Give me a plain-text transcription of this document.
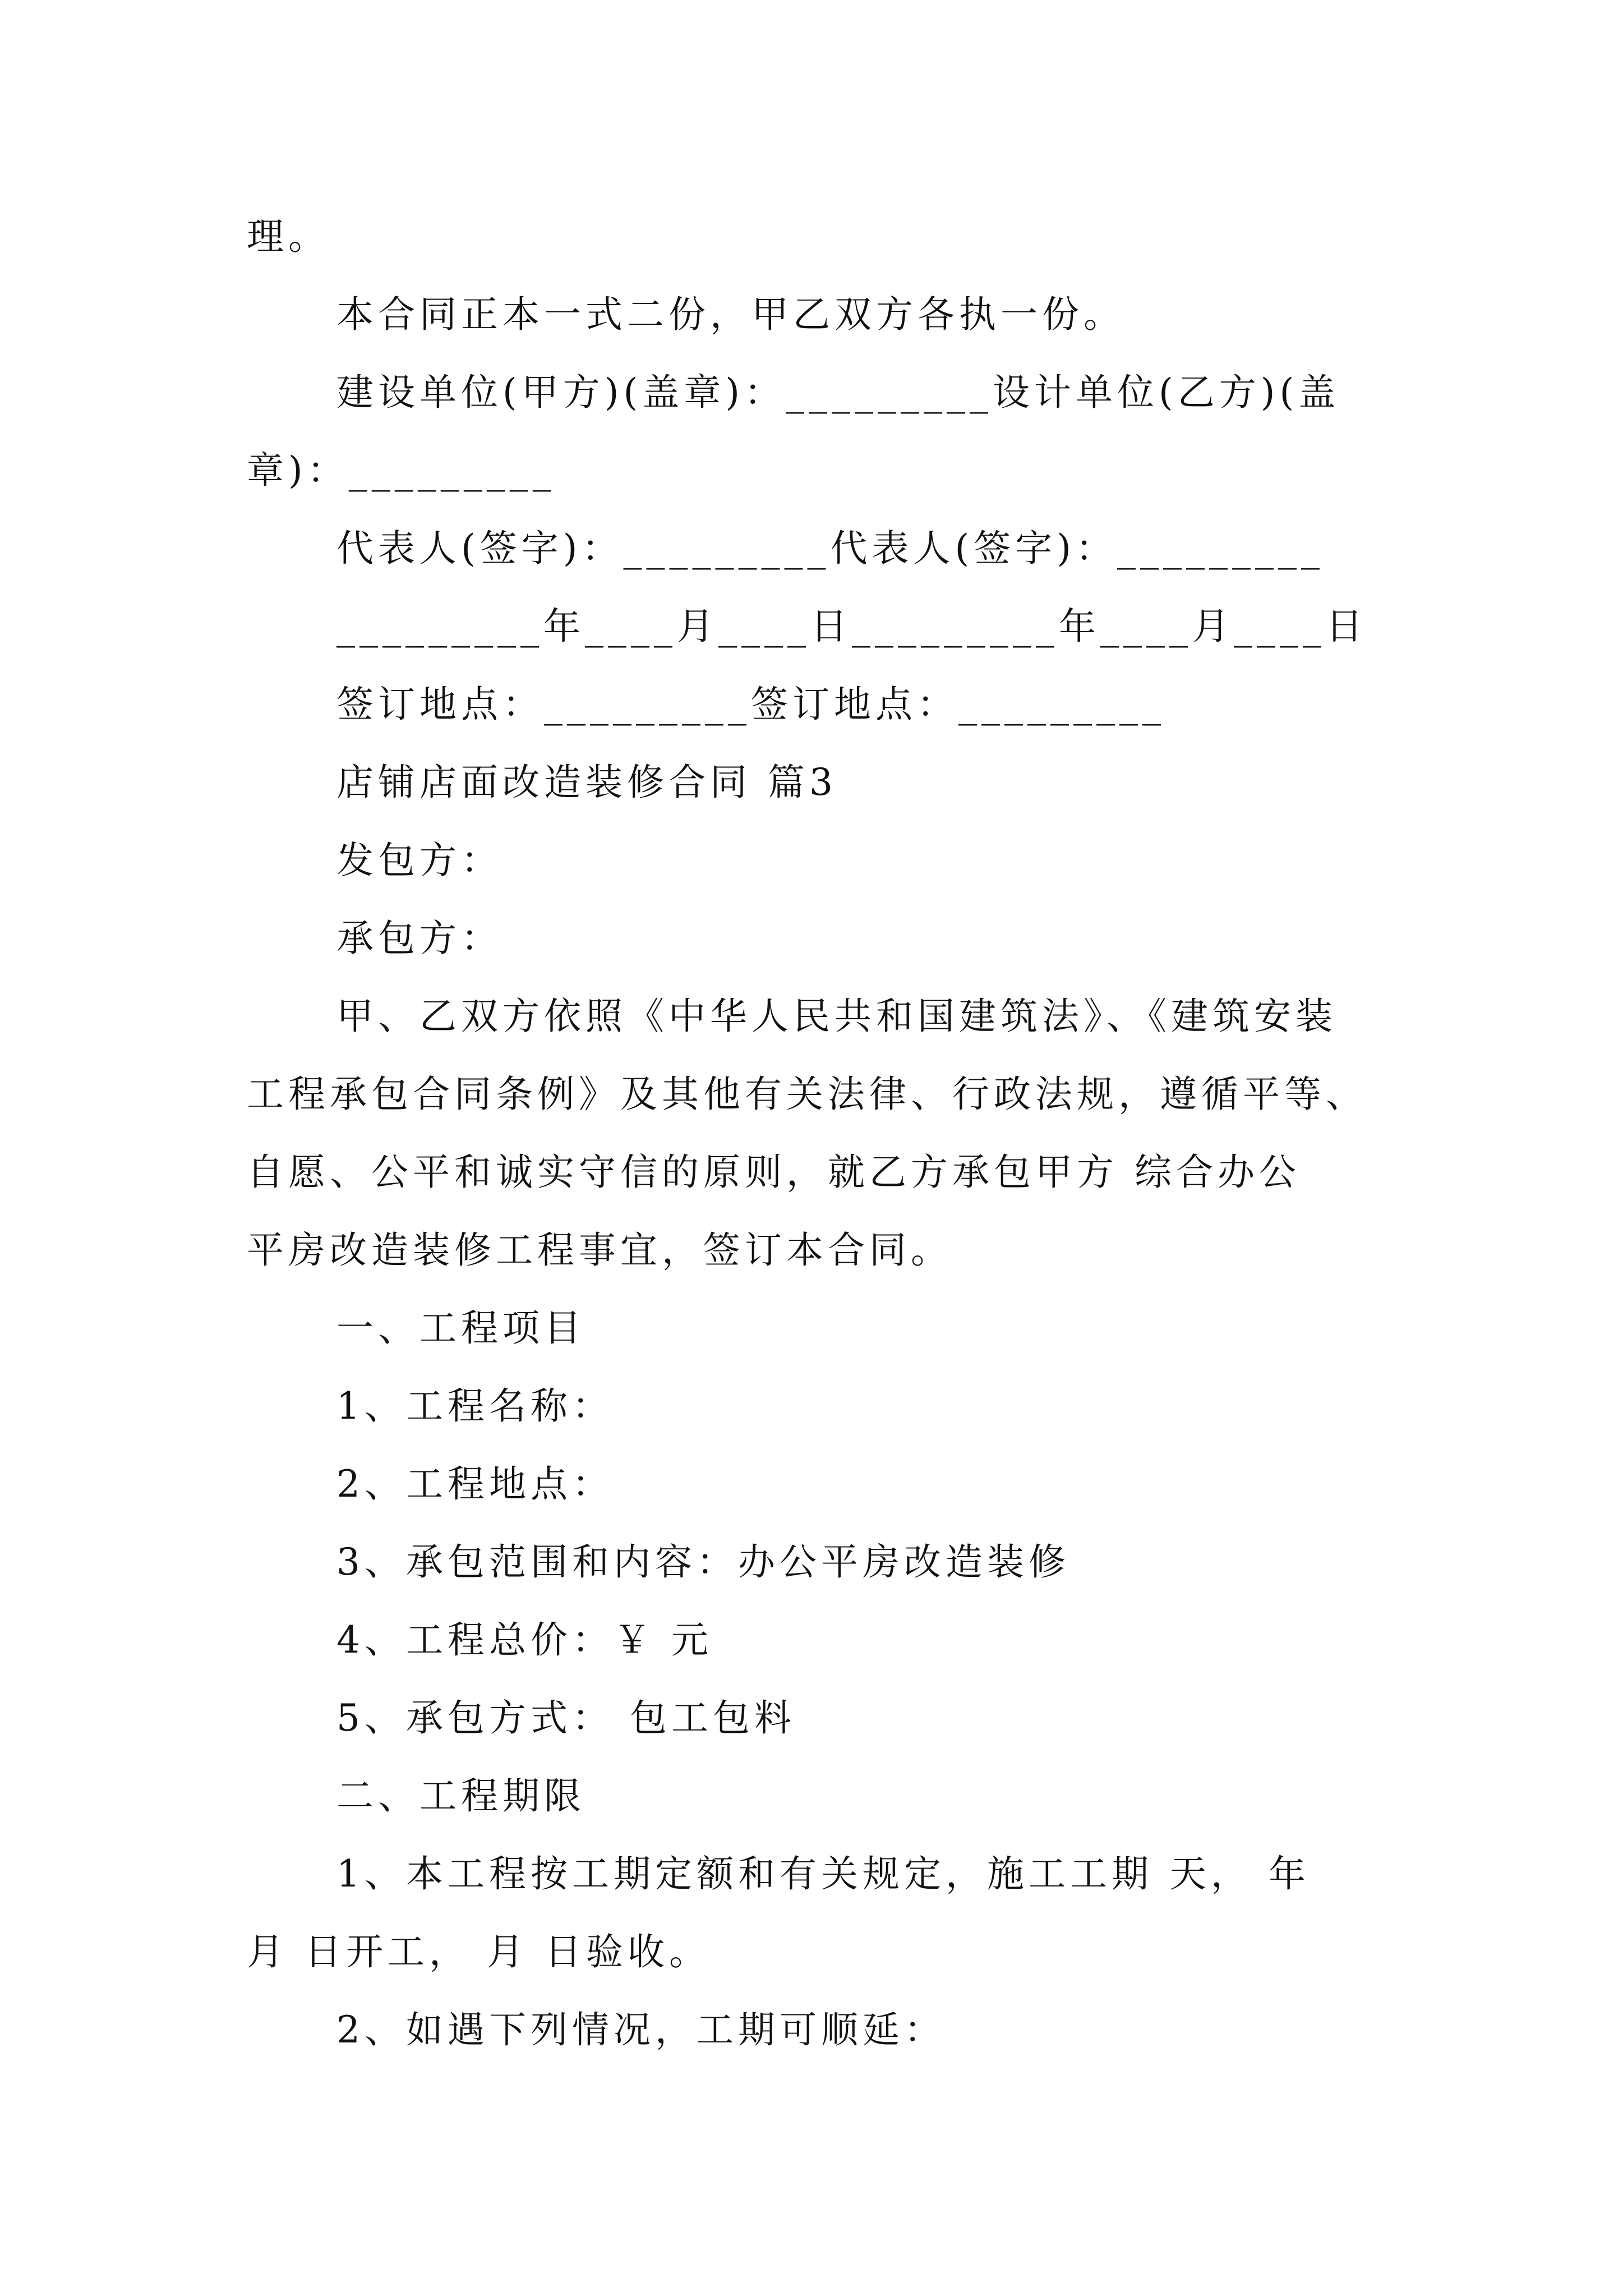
理。
本合同正本一式二份，甲乙双方各执一份。
建设单位(甲方)(盖章)：_________设计单位(乙方)(盖
章)：_________
代表人(签字)：_________代表人(签字)：_________
_________年____月____日_________年____月____日
签订地点：_________签订地点：_________
店铺店面改造装修合同 篇3
发包方：
承包方：
甲、乙双方依照《中华人民共和国建筑法》、《建筑安装
工程承包合同条例》及其他有关法律、行政法规，遵循平等、
自愿、公平和诚实守信的原则，就乙方承包甲方 综合办公
平房改造装修工程事宜，签订本合同。
一、工程项目
1、工程名称：
2、工程地点：
3、承包范围和内容：办公平房改造装修
4、工程总价：￥ 元
5、承包方式： 包工包料
二、工程期限
1、本工程按工期定额和有关规定，施工工期 天， 年
月 日开工， 月 日验收。
2、如遇下列情况，工期可顺延：
